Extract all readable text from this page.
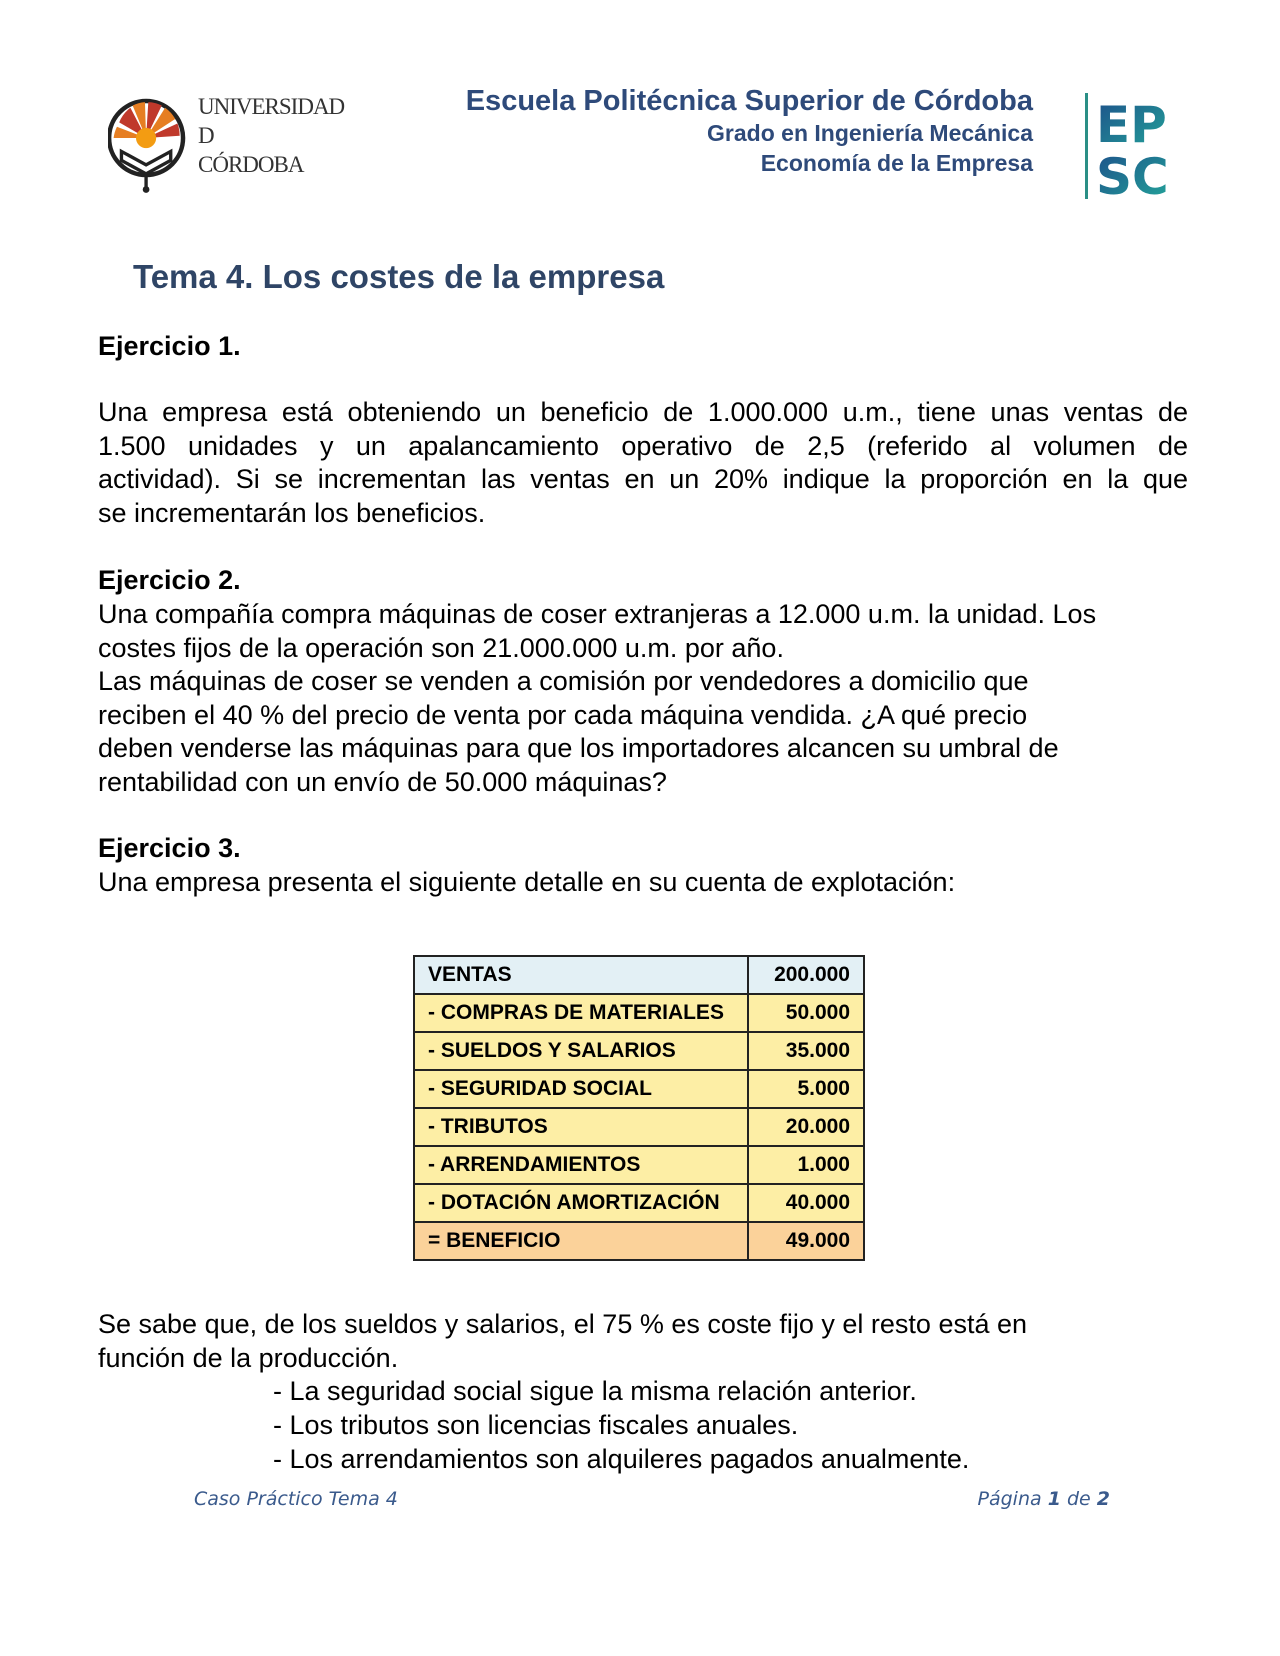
UNIVERSIDAD
D
CÓRDOBA
Escuela Politécnica Superior de Córdoba
Grado en Ingeniería Mecánica
Economía de la Empresa
EP
SC
Tema 4. Los costes de la empresa
Ejercicio 1.
Una empresa está obteniendo un beneficio de 1.000.000 u.m., tiene unas ventas de
1.500 unidades y un apalancamiento operativo de 2,5 (referido al volumen de
actividad). Si se incrementan las ventas en un 20% indique la proporción en la que
se incrementarán los beneficios.
Ejercicio 2.
Una compañía compra máquinas de coser extranjeras a 12.000 u.m. la unidad. Los
costes fijos de la operación son 21.000.000 u.m. por año.
Las máquinas de coser se venden a comisión por vendedores a domicilio que
reciben el 40 % del precio de venta por cada máquina vendida. ¿A qué precio
deben venderse las máquinas para que los importadores alcancen su umbral de
rentabilidad con un envío de 50.000 máquinas?
Ejercicio 3.
Una empresa presenta el siguiente detalle en su cuenta de explotación:
VENTAS	200.000
- COMPRAS DE MATERIALES	50.000
- SUELDOS Y SALARIOS	35.000
- SEGURIDAD SOCIAL	5.000
- TRIBUTOS	20.000
- ARRENDAMIENTOS	1.000
- DOTACIÓN AMORTIZACIÓN	40.000
= BENEFICIO	49.000
Se sabe que, de los sueldos y salarios, el 75 % es coste fijo y el resto está en
función de la producción.
- La seguridad social sigue la misma relación anterior.
- Los tributos son licencias fiscales anuales.
- Los arrendamientos son alquileres pagados anualmente.
Caso Práctico Tema 4	Página 1 de 2
